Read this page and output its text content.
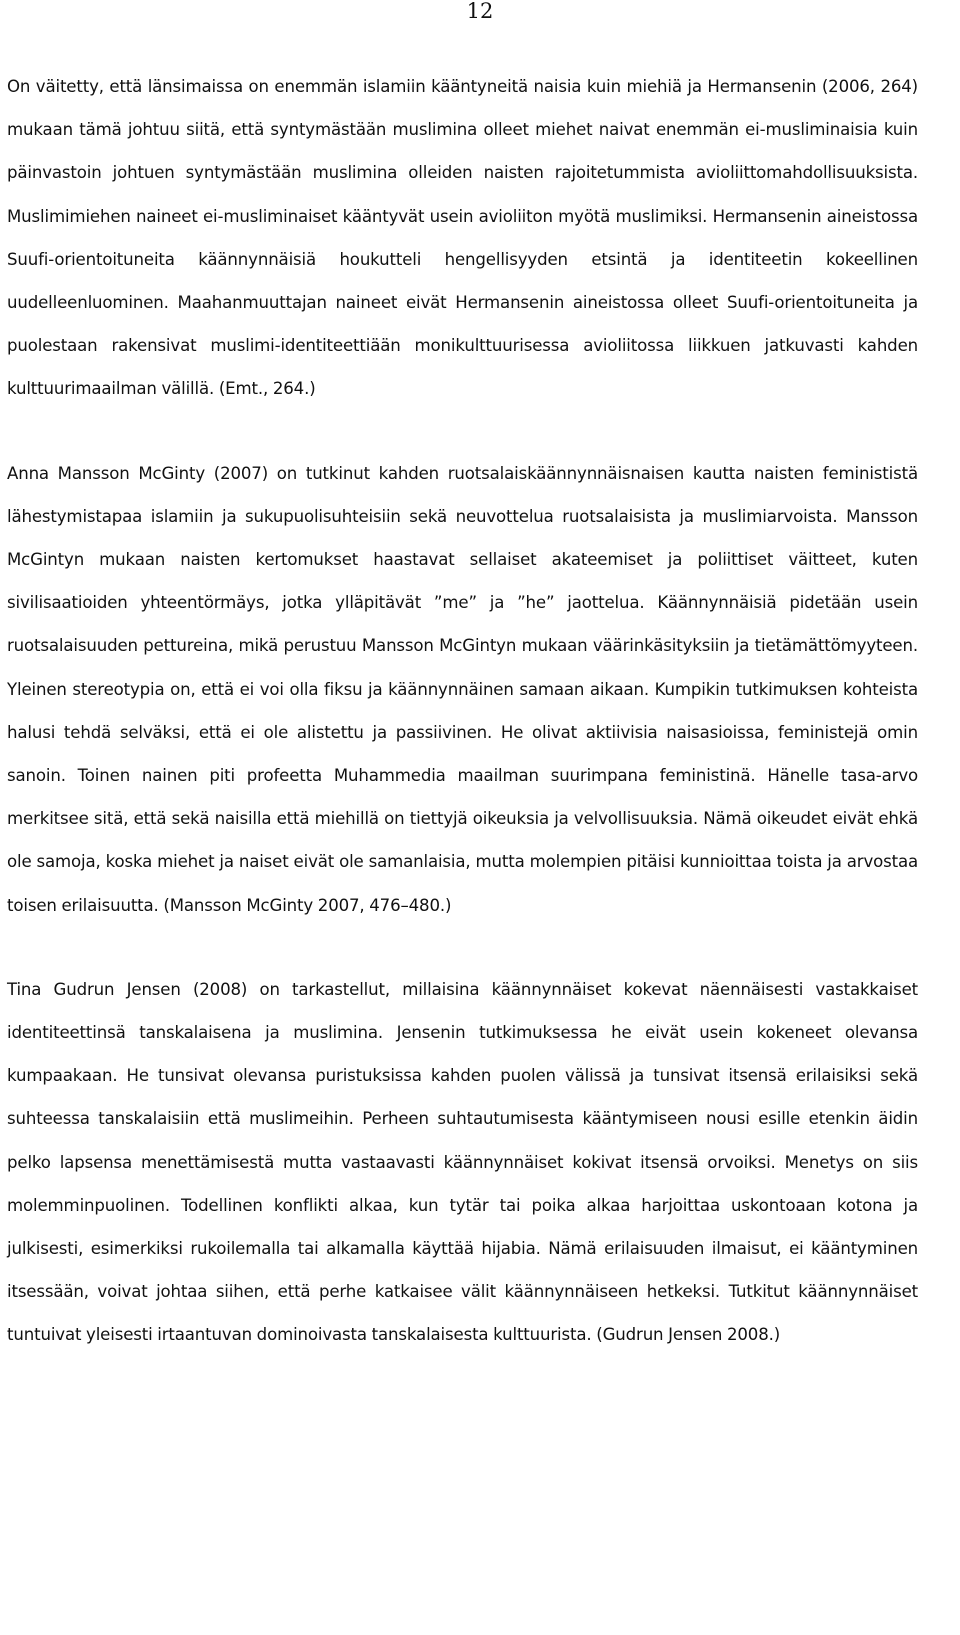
12

On väitetty, että länsimaissa on enemmän islamiin kääntyneitä naisia kuin miehiä ja Hermansenin (2006, 264) mukaan tämä johtuu siitä, että syntymästään muslimina olleet miehet naivat enemmän ei-musliminaisia kuin päinvastoin johtuen syntymästään muslimina olleiden naisten rajoitetummista avioliittomahdollisuuksista. Muslimimiehen naineet ei-musliminaiset kääntyvät usein avioliiton myötä muslimiksi. Hermansenin aineistossa Suufi-orientoituneita käännynnäisiä houkutteli hengellisyyden etsintä ja identiteetin kokeellinen uudelleenluominen. Maahanmuuttajan naineet eivät Hermansenin aineistossa olleet Suufi-orientoituneita ja puolestaan rakensivat muslimi-identiteettiään monikulttuurisessa avioliitossa liikkuen jatkuvasti kahden kulttuurimaailman välillä. (Emt., 264.)

Anna Mansson McGinty (2007) on tutkinut kahden ruotsalaiskäännynnäisnaisen kautta naisten feminististä lähestymistapaa islamiin ja sukupuolisuhteisiin sekä neuvottelua ruotsalaisista ja muslimiarvoista. Mansson McGintyn mukaan naisten kertomukset haastavat sellaiset akateemiset ja poliittiset väitteet, kuten sivilisaatioiden yhteentörmäys, jotka ylläpitävät ”me” ja ”he” jaottelua. Käännynnäisiä pidetään usein ruotsalaisuuden pettureina, mikä perustuu Mansson McGintyn mukaan väärinkäsityksiin ja tietämättömyyteen. Yleinen stereotypia on, että ei voi olla fiksu ja käännynnäinen samaan aikaan. Kumpikin tutkimuksen kohteista halusi tehdä selväksi, että ei ole alistettu ja passiivinen. He olivat aktiivisia naisasioissa, feministejä omin sanoin. Toinen nainen piti profeetta Muhammedia maailman suurimpana feministinä. Hänelle tasa-arvo merkitsee sitä, että sekä naisilla että miehillä on tiettyjä oikeuksia ja velvollisuuksia. Nämä oikeudet eivät ehkä ole samoja, koska miehet ja naiset eivät ole samanlaisia, mutta molempien pitäisi kunnioittaa toista ja arvostaa toisen erilaisuutta. (Mansson McGinty 2007, 476–480.)

Tina Gudrun Jensen (2008) on tarkastellut, millaisina käännynnäiset kokevat näennäisesti vastakkaiset identiteettinsä tanskalaisena ja muslimina. Jensenin tutkimuksessa he eivät usein kokeneet olevansa kumpaakaan. He tunsivat olevansa puristuksissa kahden puolen välissä ja tunsivat itsensä erilaisiksi sekä suhteessa tanskalaisiin että muslimeihin. Perheen suhtautumisesta kääntymiseen nousi esille etenkin äidin pelko lapsensa menettämisestä mutta vastaavasti käännynnäiset kokivat itsensä orvoiksi. Menetys on siis molemminpuolinen. Todellinen konflikti alkaa, kun tytär tai poika alkaa harjoittaa uskontoaan kotona ja julkisesti, esimerkiksi rukoilemalla tai alkamalla käyttää hijabia. Nämä erilaisuuden ilmaisut, ei kääntyminen itsessään, voivat johtaa siihen, että perhe katkaisee välit käännynnäiseen hetkeksi. Tutkitut käännynnäiset tuntuivat yleisesti irtaantuvan dominoivasta tanskalaisesta kulttuurista. (Gudrun Jensen 2008.)
